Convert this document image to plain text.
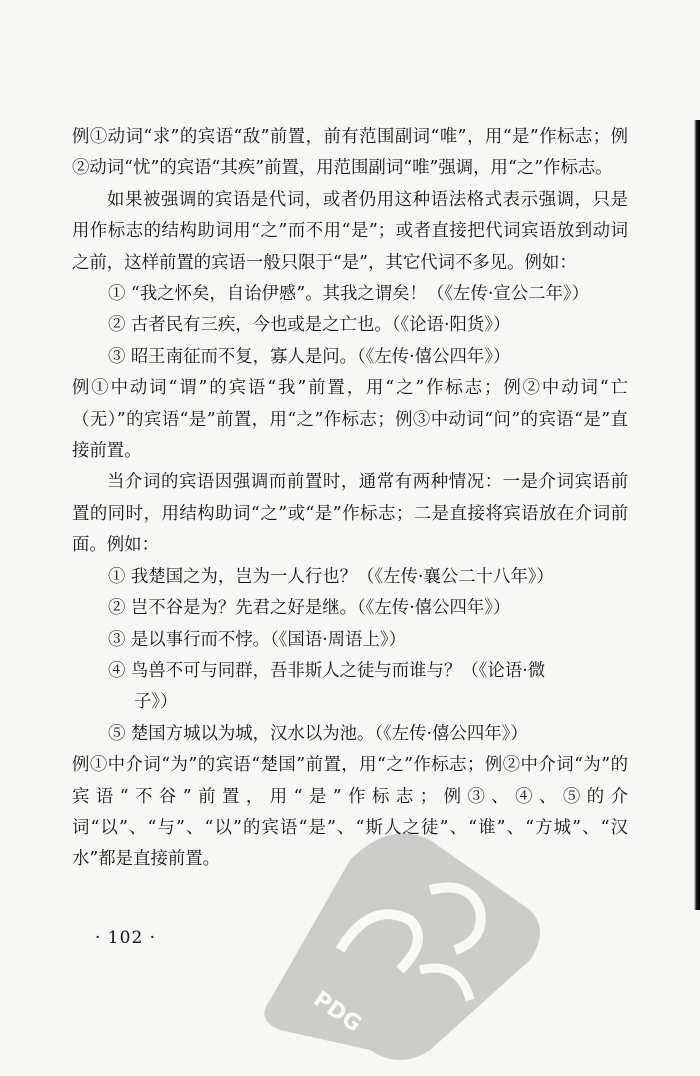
例①动词“求”的宾语“敌”前置，前有范围副词“唯”，用“是”作标志；例②动词“忧”的宾语“其疾”前置，用范围副词“唯”强调，用“之”作标志。

如果被强调的宾语是代词，或者仍用这种语法格式表示强调，只是用作标志的结构助词用“之”而不用“是”；或者直接把代词宾语放到动词之前，这样前置的宾语一般只限于“是”，其它代词不多见。例如：

① “我之怀矣，自诒伊慼”。其我之谓矣！（《左传·宣公二年》）

② 古者民有三疾，今也或是之亡也。（《论语·阳货》）

③ 昭王南征而不复，寡人是问。（《左传·僖公四年》）

例①中动词“谓”的宾语“我”前置，用“之”作标志；例②中动词“亡（无）”的宾语“是”前置，用“之”作标志；例③中动词“问”的宾语“是”直接前置。

当介词的宾语因强调而前置时，通常有两种情况：一是介词宾语前置的同时，用结构助词“之”或“是”作标志；二是直接将宾语放在介词前面。例如：

① 我楚国之为，岂为一人行也？（《左传·襄公二十八年》）

② 岂不谷是为？先君之好是继。（《左传·僖公四年》）

③ 是以事行而不悖。（《国语·周语上》）

④ 鸟兽不可与同群，吾非斯人之徒与而谁与？（《论语·微

子》）

⑤ 楚国方城以为城，汉水以为池。（《左传·僖公四年》）

例①中介词“为”的宾语“楚国”前置，用“之”作标志；例②中介词“为”的宾语“不谷”前置，用“是”作标志；例③、④、⑤的介词“以”、“与”、“以”的宾语“是”、“斯人之徒”、“谁”、“方城”、“汉水”都是直接前置。

· 102 ·
PDG
